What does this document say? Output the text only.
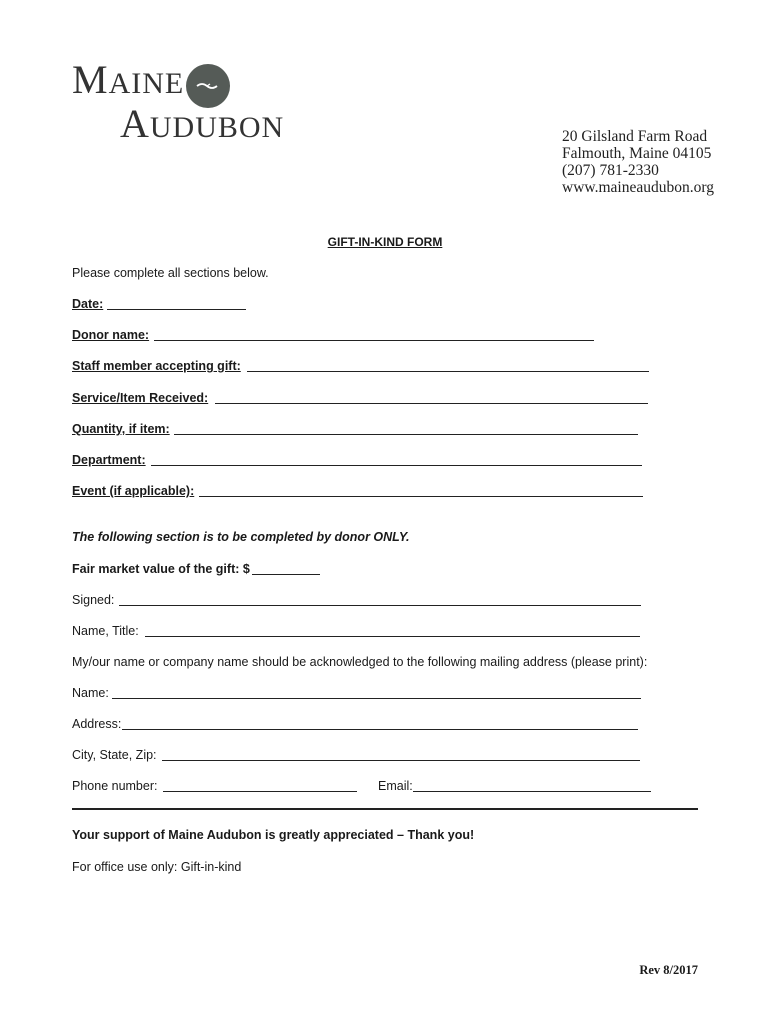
MAINE
AUDUBON	20 Gilsland Farm Road
Falmouth, Maine 04105
(207) 781-2330
www.maineaudubon.org
GIFT-IN-KIND FORM
Please complete all sections below.
Date:
Donor name:
Staff member accepting gift:
Service/Item Received:
Quantity, if item:
Department:
Event (if applicable):
The following section is to be completed by donor ONLY.
Fair market value of the gift: $
Signed:
Name, Title:
My/our name or company name should be acknowledged to the following mailing address (please print):
Name:
Address:
City, State, Zip:
Phone number:	Email:
Your support of Maine Audubon is greatly appreciated – Thank you!
For office use only: Gift-in-kind
Rev 8/2017
